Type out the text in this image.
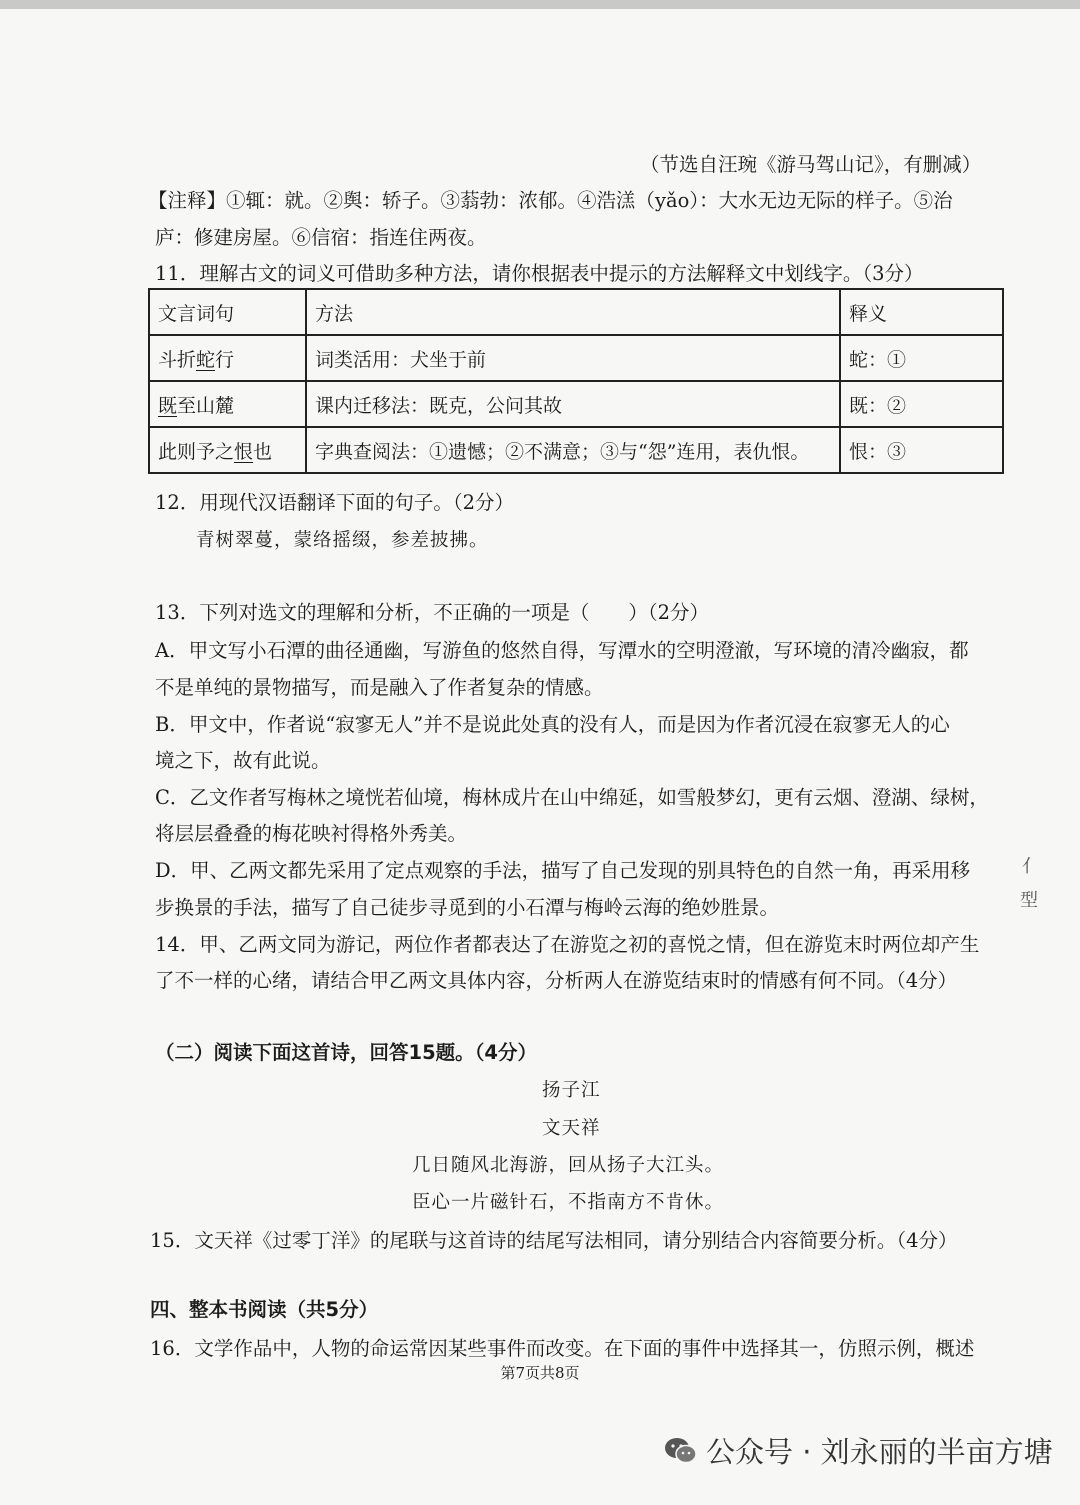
（节选自汪琬《游马驾山记》，有删减）
【注释】①辄：就。②舆：轿子。③蓊勃：浓郁。④浩溔（yǎo）：大水无边无际的样子。⑤治
庐：修建房屋。⑥信宿：指连住两夜。
11．理解古文的词义可借助多种方法，请你根据表中提示的方法解释文中划线字。（3分）
文言词句	方法	释义
斗折蛇行	词类活用：犬坐于前	蛇：①
既至山麓	课内迁移法：既克，公问其故	既：②
此则予之恨也	字典查阅法：①遗憾；②不满意；③与“怨”连用，表仇恨。	恨：③
12．用现代汉语翻译下面的句子。（2分）
青树翠蔓，蒙络摇缀，参差披拂。
13．下列对选文的理解和分析，不正确的一项是（　　）（2分）
A．甲文写小石潭的曲径通幽，写游鱼的悠然自得，写潭水的空明澄澈，写环境的清冷幽寂，都
不是单纯的景物描写，而是融入了作者复杂的情感。
B．甲文中，作者说“寂寥无人”并不是说此处真的没有人，而是因为作者沉浸在寂寥无人的心
境之下，故有此说。
C．乙文作者写梅林之境恍若仙境，梅林成片在山中绵延，如雪般梦幻，更有云烟、澄湖、绿树，
将层层叠叠的梅花映衬得格外秀美。
D．甲、乙两文都先采用了定点观察的手法，描写了自己发现的别具特色的自然一角，再采用移
步换景的手法，描写了自己徒步寻觅到的小石潭与梅岭云海的绝妙胜景。
14．甲、乙两文同为游记，两位作者都表达了在游览之初的喜悦之情，但在游览末时两位却产生
了不一样的心绪，请结合甲乙两文具体内容，分析两人在游览结束时的情感有何不同。（4分）
（二）阅读下面这首诗，回答15题。（4分）
扬子江
文天祥
几日随风北海游，回从扬子大江头。
臣心一片磁针石，不指南方不肯休。
15．文天祥《过零丁洋》的尾联与这首诗的结尾写法相同，请分别结合内容简要分析。（4分）
四、整本书阅读（共5分）
16．文学作品中，人物的命运常因某些事件而改变。在下面的事件中选择其一，仿照示例，概述
第7页共8页
亻
型
公众号 · 刘永丽的半亩方塘
